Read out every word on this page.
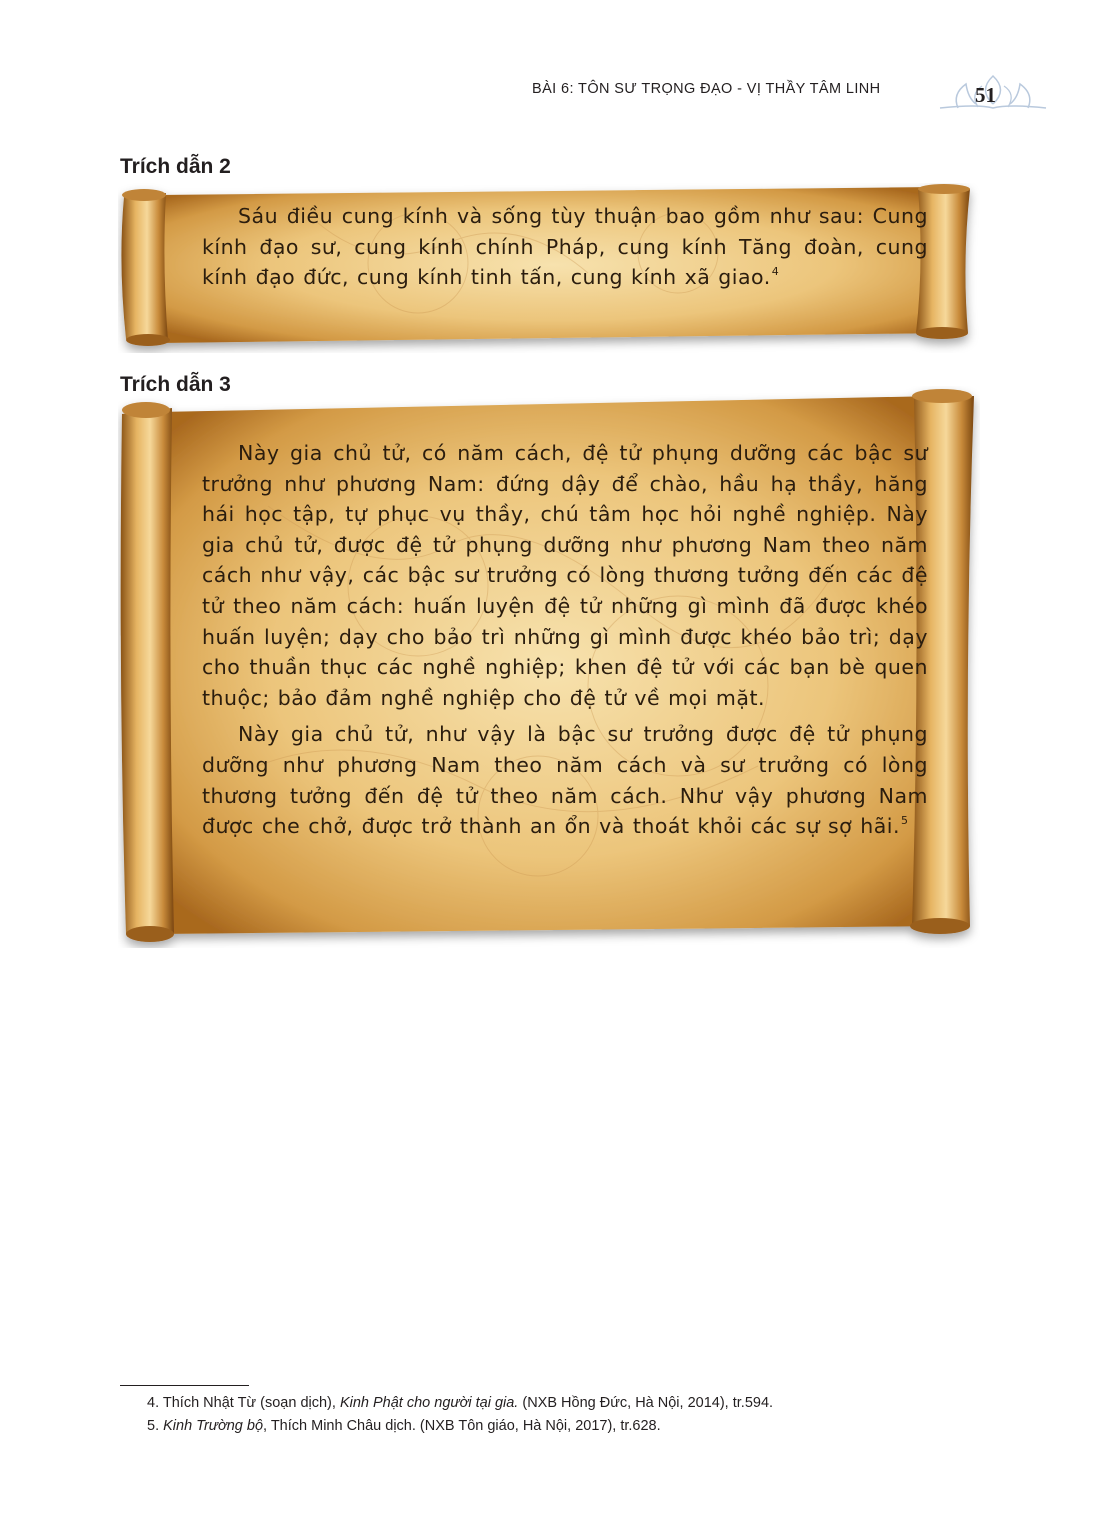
BÀI 6: TÔN SƯ TRỌNG ĐẠO - VỊ THẦY TÂM LINH	51
Trích dẫn 2

Sáu điều cung kính và sống tùy thuận bao gồm như sau: Cung kính đạo sư, cung kính chính Pháp, cung kính Tăng đoàn, cung kính đạo đức, cung kính tinh tấn, cung kính xã giao.$^4$

Trích dẫn 3

Này gia chủ tử, có năm cách, đệ tử phụng dưỡng các bậc sư trưởng như phương Nam: đứng dậy để chào, hầu hạ thầy, hăng hái học tập, tự phục vụ thầy, chú tâm học hỏi nghề nghiệp. Này gia chủ tử, được đệ tử phụng dưỡng như phương Nam theo năm cách như vậy, các bậc sư trưởng có lòng thương tưởng đến các đệ tử theo năm cách: huấn luyện đệ tử những gì mình đã được khéo huấn luyện; dạy cho bảo trì những gì mình được khéo bảo trì; dạy cho thuần thục các nghề nghiệp; khen đệ tử với các bạn bè quen thuộc; bảo đảm nghề nghiệp cho đệ tử về mọi mặt.

Này gia chủ tử, như vậy là bậc sư trưởng được đệ tử phụng dưỡng như phương Nam theo năm cách và sư trưởng có lòng thương tưởng đến đệ tử theo năm cách. Như vậy phương Nam được che chở, được trở thành an ổn và thoát khỏi các sự sợ hãi.$^5$

4. Thích Nhật Từ (soạn dịch), Kinh Phật cho người tại gia. (NXB Hồng Đức, Hà Nội, 2014), tr.594.
5. Kinh Trường bộ, Thích Minh Châu dịch. (NXB Tôn giáo, Hà Nội, 2017), tr.628.
